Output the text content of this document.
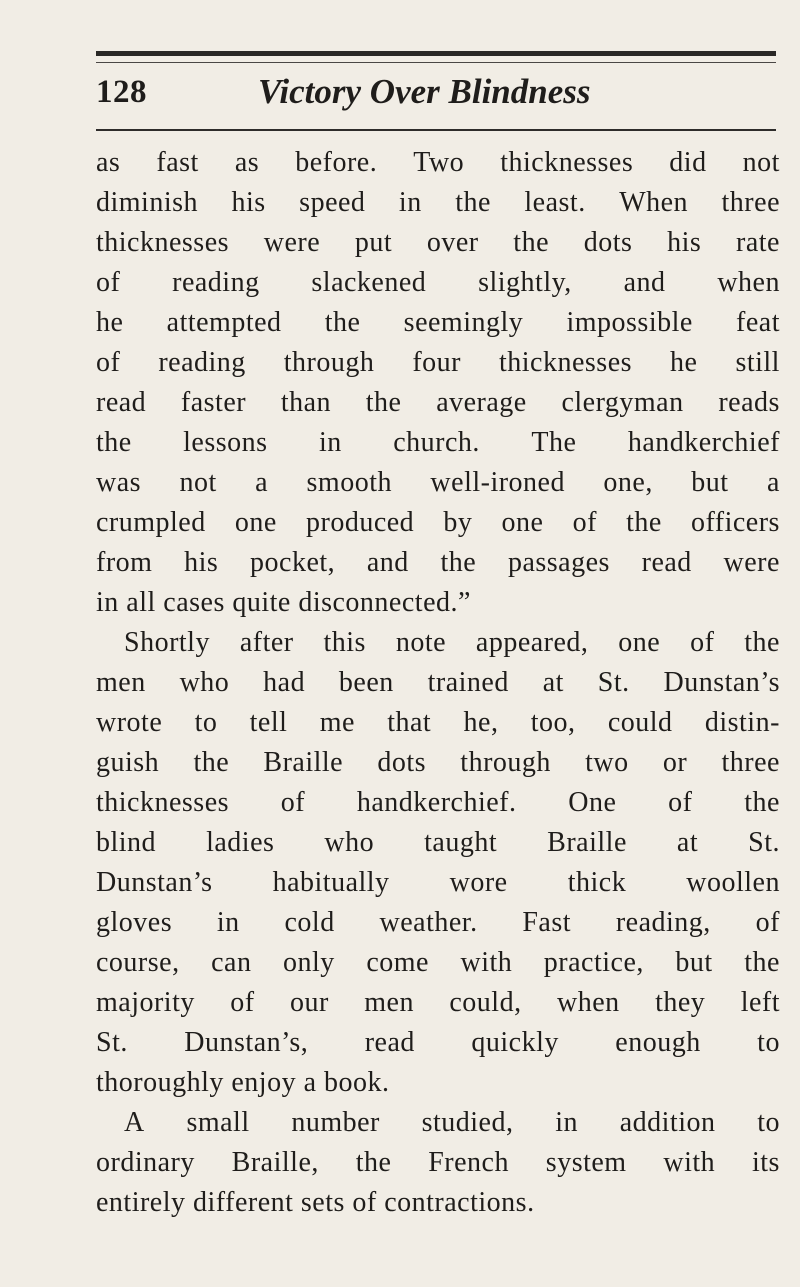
128	Victory Over Blindness
as fast as before. Two thicknesses did not
diminish his speed in the least. When three
thicknesses were put over the dots his rate
of reading slackened slightly, and when
he attempted the seemingly impossible feat
of reading through four thicknesses he still
read faster than the average clergyman reads
the lessons in church. The handkerchief
was not a smooth well-ironed one, but a
crumpled one produced by one of the officers
from his pocket, and the passages read were
in all cases quite disconnected.”
Shortly after this note appeared, one of the
men who had been trained at St. Dunstan’s
wrote to tell me that he, too, could distin-
guish the Braille dots through two or three
thicknesses of handkerchief. One of the
blind ladies who taught Braille at St.
Dunstan’s habitually wore thick woollen
gloves in cold weather. Fast reading, of
course, can only come with practice, but the
majority of our men could, when they left
St. Dunstan’s, read quickly enough to
thoroughly enjoy a book.
A small number studied, in addition to
ordinary Braille, the French system with its
entirely different sets of contractions.
